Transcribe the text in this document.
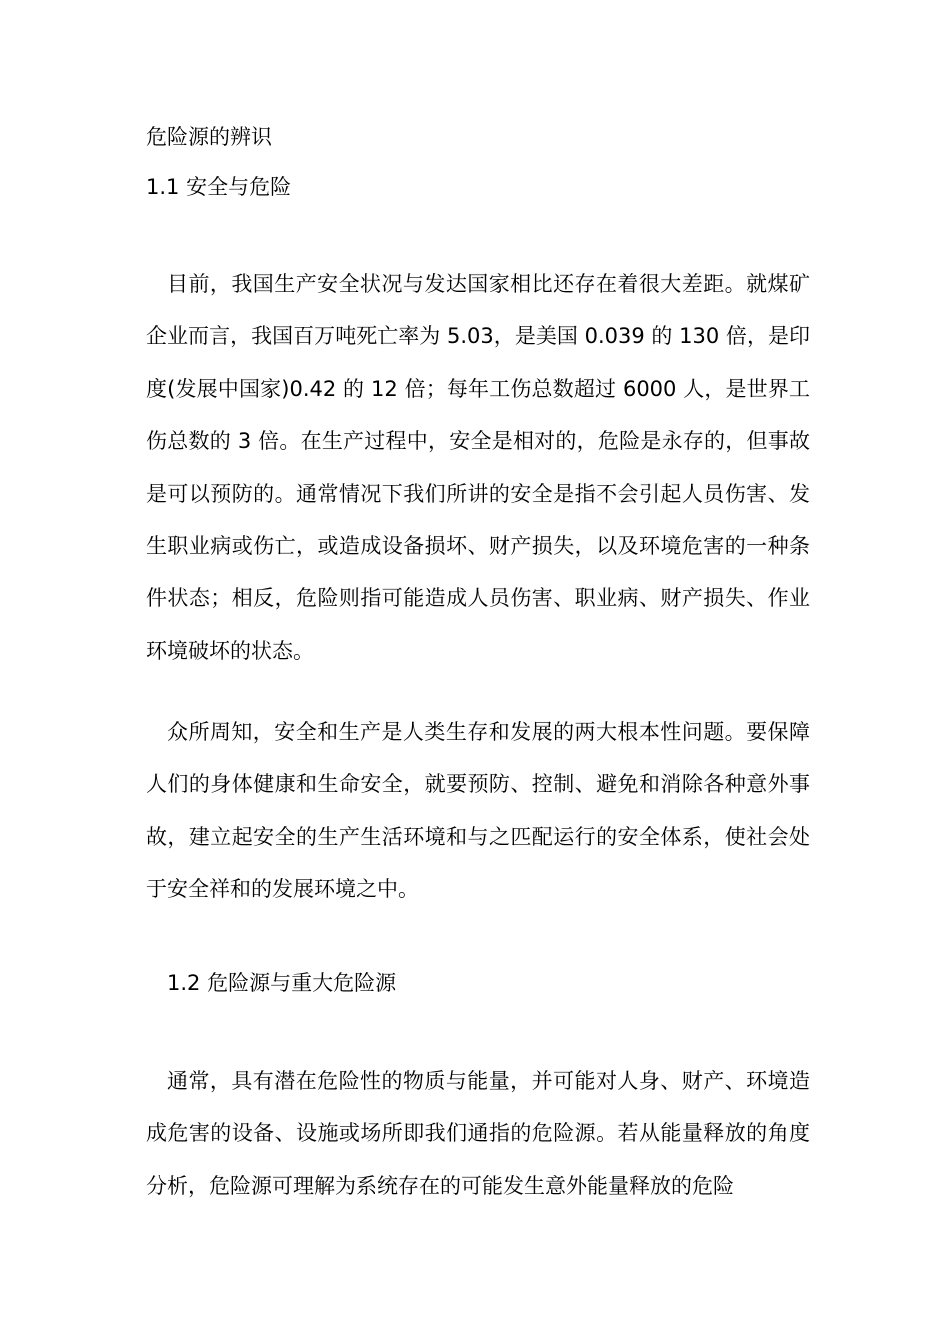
危险源的辨识
1.1 安全与危险
目前，我国生产安全状况与发达国家相比还存在着很大差距。就煤矿企业而言，我国百万吨死亡率为 5.03，是美国 0.039 的 130 倍，是印度(发展中国家)0.42 的 12 倍；每年工伤总数超过 6000 人，是世界工伤总数的 3 倍。在生产过程中，安全是相对的，危险是永存的，但事故是可以预防的。通常情况下我们所讲的安全是指不会引起人员伤害、发生职业病或伤亡，或造成设备损坏、财产损失，以及环境危害的一种条件状态；相反，危险则指可能造成人员伤害、职业病、财产损失、作业环境破坏的状态。
众所周知，安全和生产是人类生存和发展的两大根本性问题。要保障人们的身体健康和生命安全，就要预防、控制、避免和消除各种意外事故，建立起安全的生产生活环境和与之匹配运行的安全体系，使社会处于安全祥和的发展环境之中。
1.2 危险源与重大危险源
通常，具有潜在危险性的物质与能量，并可能对人身、财产、环境造成危害的设备、设施或场所即我们通指的危险源。若从能量释放的角度分析，危险源可理解为系统存在的可能发生意外能量释放的危险
